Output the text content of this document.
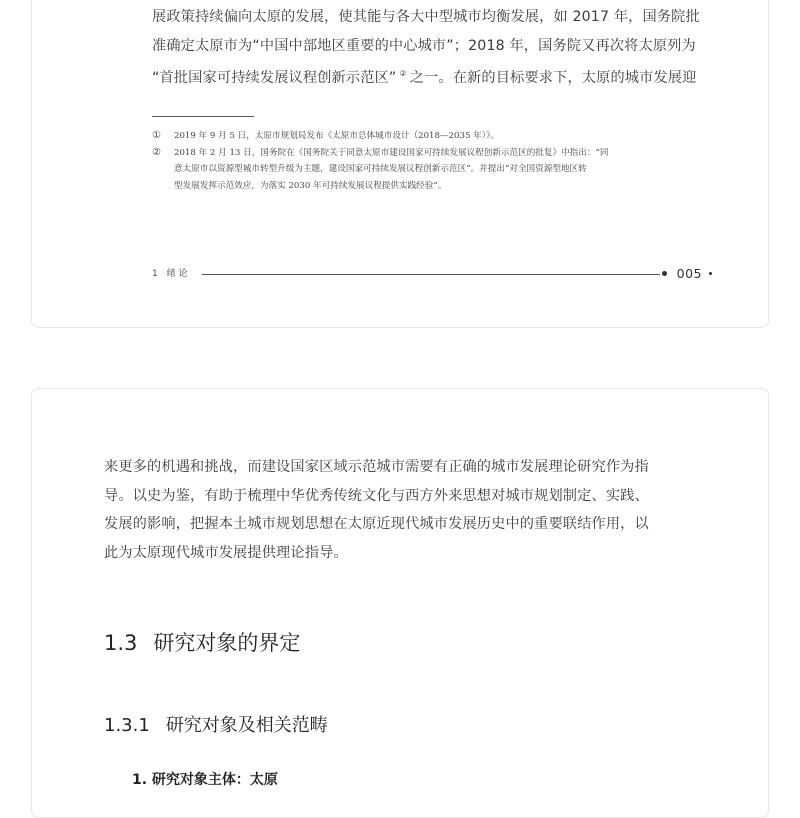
展政策持续偏向太原的发展，使其能与各大中型城市均衡发展，如 2017 年，国务院批
准确定太原市为“中国中部地区重要的中心城市”；2018 年，国务院又再次将太原列为
“首批国家可持续发展议程创新示范区” ② 之一。在新的目标要求下，太原的城市发展迎
① 2019 年 9 月 5 日，太原市规划局发布《太原市总体城市设计（2018—2035 年）》。
② 2018 年 2 月 13 日，国务院在《国务院关于同意太原市建设国家可持续发展议程创新示范区的批复》中指出：“同
意太原市以资源型城市转型升级为主题，建设国家可持续发展议程创新示范区”。并提出“对全国资源型地区转
型发展发挥示范效应，为落实 2030 年可持续发展议程提供实践经验”。
1 绪论	005
来更多的机遇和挑战，而建设国家区域示范城市需要有正确的城市发展理论研究作为指
导。以史为鉴，有助于梳理中华优秀传统文化与西方外来思想对城市规划制定、实践、
发展的影响，把握本土城市规划思想在太原近现代城市发展历史中的重要联结作用，以
此为太原现代城市发展提供理论指导。
1.3 研究对象的界定
1.3.1 研究对象及相关范畴
1. 研究对象主体：太原
